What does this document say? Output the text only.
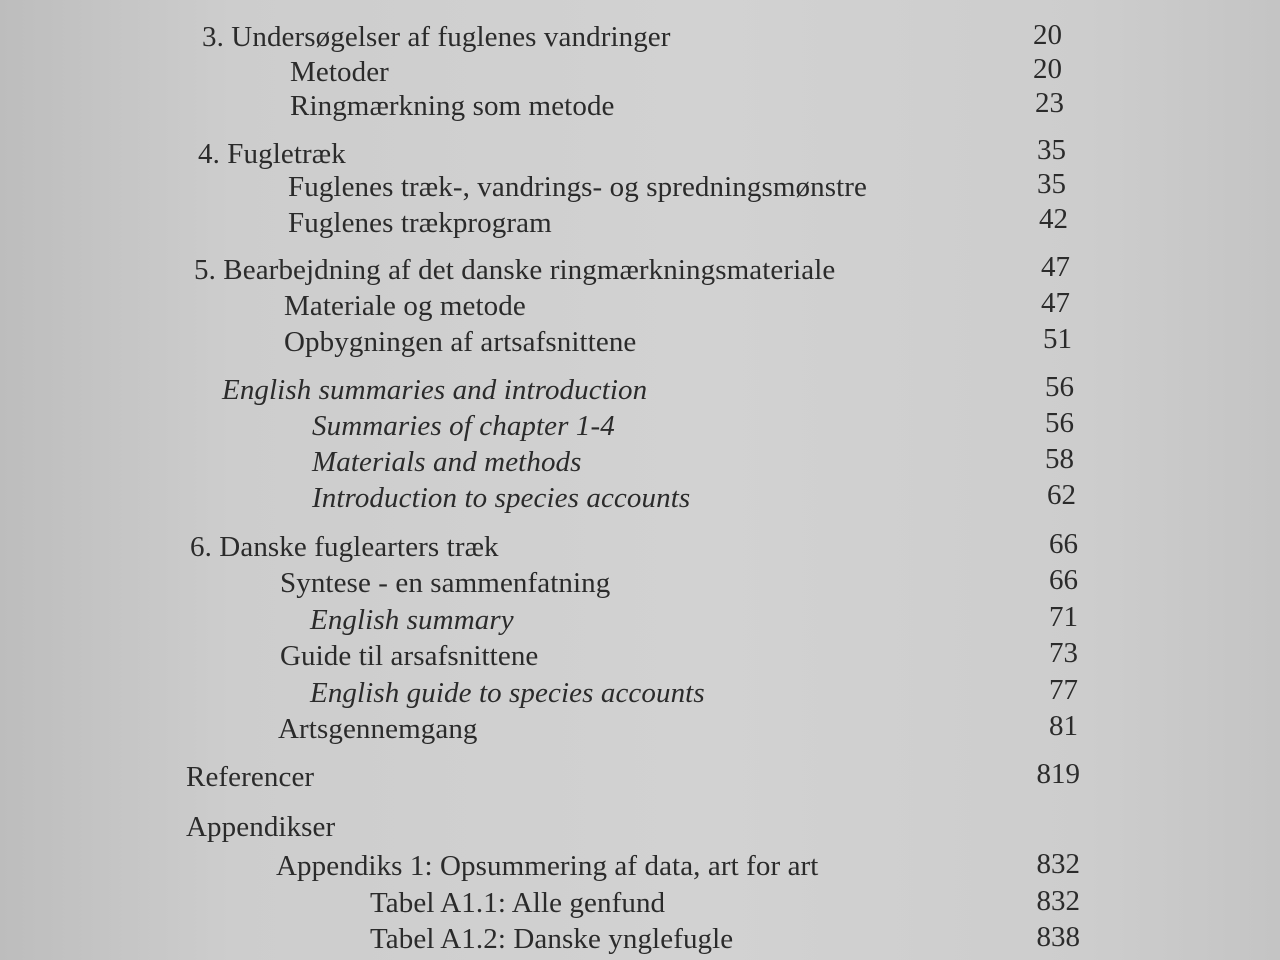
3. Undersøgelser af fuglenes vandringer	20
Metoder	20
Ringmærkning som metode	23
4. Fugletræk	35
Fuglenes træk-, vandrings- og spredningsmønstre	35
Fuglenes trækprogram	42
5. Bearbejdning af det danske ringmærkningsmateriale	47
Materiale og metode	47
Opbygningen af artsafsnittene	51
English summaries and introduction	56
Summaries of chapter 1-4	56
Materials and methods	58
Introduction to species accounts	62
6. Danske fuglearters træk	66
Syntese - en sammenfatning	66
English summary	71
Guide til arsafsnittene	73
English guide to species accounts	77
Artsgennemgang	81
Referencer	819
Appendikser
Appendiks 1: Opsummering af data, art for art	832
Tabel A1.1: Alle genfund	832
Tabel A1.2: Danske ynglefugle	838
